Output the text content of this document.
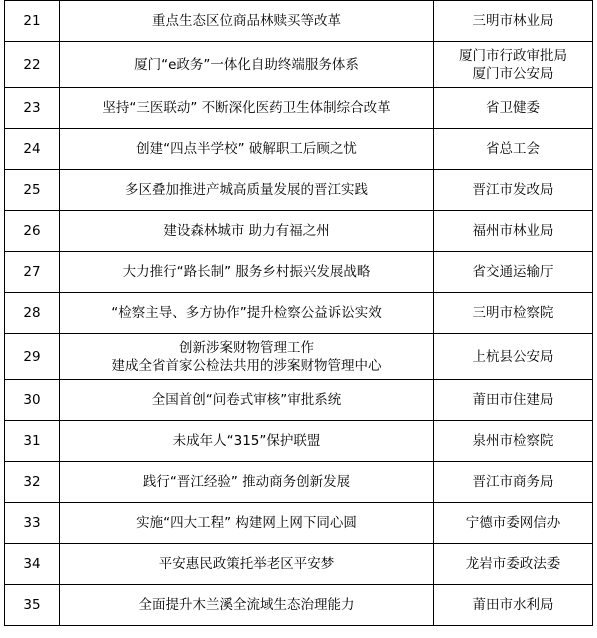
21	重点生态区位商品林赎买等改革	三明市林业局

22	厦门“e政务”一体化自助终端服务体系	厦门市行政审批局
厦门市公安局

23	坚持“三医联动” 不断深化医药卫生体制综合改革	省卫健委

24	创建“四点半学校” 破解职工后顾之忧	省总工会

25	多区叠加推进产城高质量发展的晋江实践	晋江市发改局

26	建设森林城市 助力有福之州	福州市林业局

27	大力推行“路长制” 服务乡村振兴发展战略	省交通运输厅

28	“检察主导、多方协作”提升检察公益诉讼实效	三明市检察院

29	创新涉案财物管理工作
建成全省首家公检法共用的涉案财物管理中心	上杭县公安局

30	全国首创“问卷式审核”审批系统	莆田市住建局

31	未成年人“315”保护联盟	泉州市检察院

32	践行“晋江经验” 推动商务创新发展	晋江市商务局

33	实施“四大工程” 构建网上网下同心圆	宁德市委网信办

34	平安惠民政策托举老区平安梦	龙岩市委政法委

35	全面提升木兰溪全流域生态治理能力	莆田市水利局
